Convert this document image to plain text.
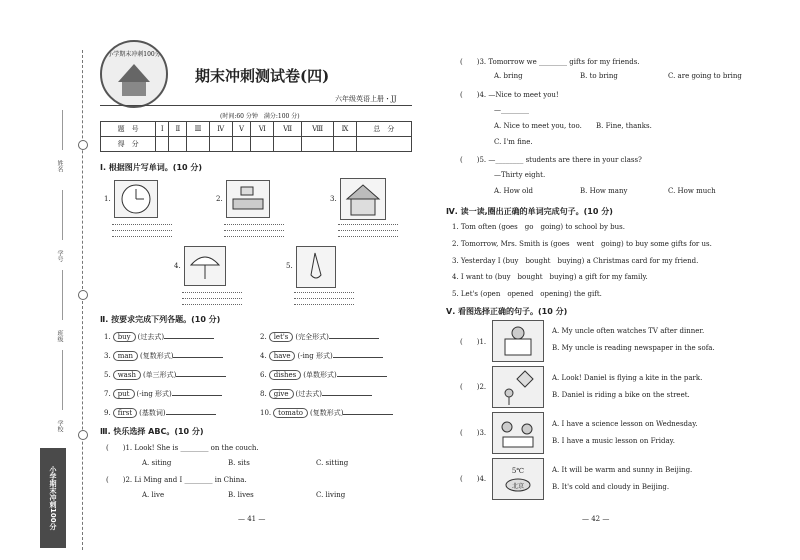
姓名
学号
班级
学校
小学期末冲刺100分
小学期末冲刺100分
期末冲刺测试卷(四)
六年级英语上册・JJ
(时间:60 分钟　满分:100 分)
题　号	Ⅰ	Ⅱ	Ⅲ	Ⅳ	Ⅴ	Ⅵ	Ⅶ	Ⅷ	Ⅸ	总　分
得　分										
Ⅰ. 根据图片写单词。(10 分)
1.	2.	3.
4.	5.
Ⅱ. 按要求完成下列各题。(10 分)
1. buy (过去式)	2. let's (完全形式)
3. man (复数形式)	4. have (-ing 形式)
5. wash (单三形式)	6. dishes (单数形式)
7. put (-ing 形式)	8. give (过去式)
9. first (基数词)	10. tomato (复数形式)
Ⅲ. 快乐选择 ABC。(10 分)
(　　 )1. Look! She is ________ on the couch.
A. siting	B. sits	C. sitting
(　　 )2. Li Ming and I ________ in China.
A. live	B. lives	C. living
— 41 —
(　　 )3. Tomorrow we ________ gifts for my friends.
A. bring	B. to bring	C. are going to bring
(　　 )4. —Nice to meet you!
—________
A. Nice to meet you, too. B. Fine, thanks.
C. I'm fine.
(　　 )5. —________ students are there in your class?
—Thirty eight.
A. How old	B. How many	C. How much
Ⅳ. 读一读,圈出正确的单词完成句子。(10 分)
1. Tom often (goes　go　going) to school by bus.
2. Tomorrow, Mrs. Smith is (goes　went　going) to buy some gifts for us.
3. Yesterday I (buy　bought　buying) a Christmas card for my friend.
4. I want to (buy　bought　buying) a gift for my family.
5. Let's (open　opened　opening) the gift.
Ⅴ. 看图选择正确的句子。(10 分)
(　　 )1.
A. My uncle often watches TV after dinner.
B. My uncle is reading newspaper in the sofa.
(　　 )2.
A. Look! Daniel is flying a kite in the park.
B. Daniel is riding a bike on the street.
(　　 )3.
A. I have a science lesson on Wednesday.
B. I have a music lesson on Friday.
(　　 )4.
5℃
北京
A. It will be warm and sunny in Beijing.
B. It's cold and cloudy in Beijing.
— 42 —
